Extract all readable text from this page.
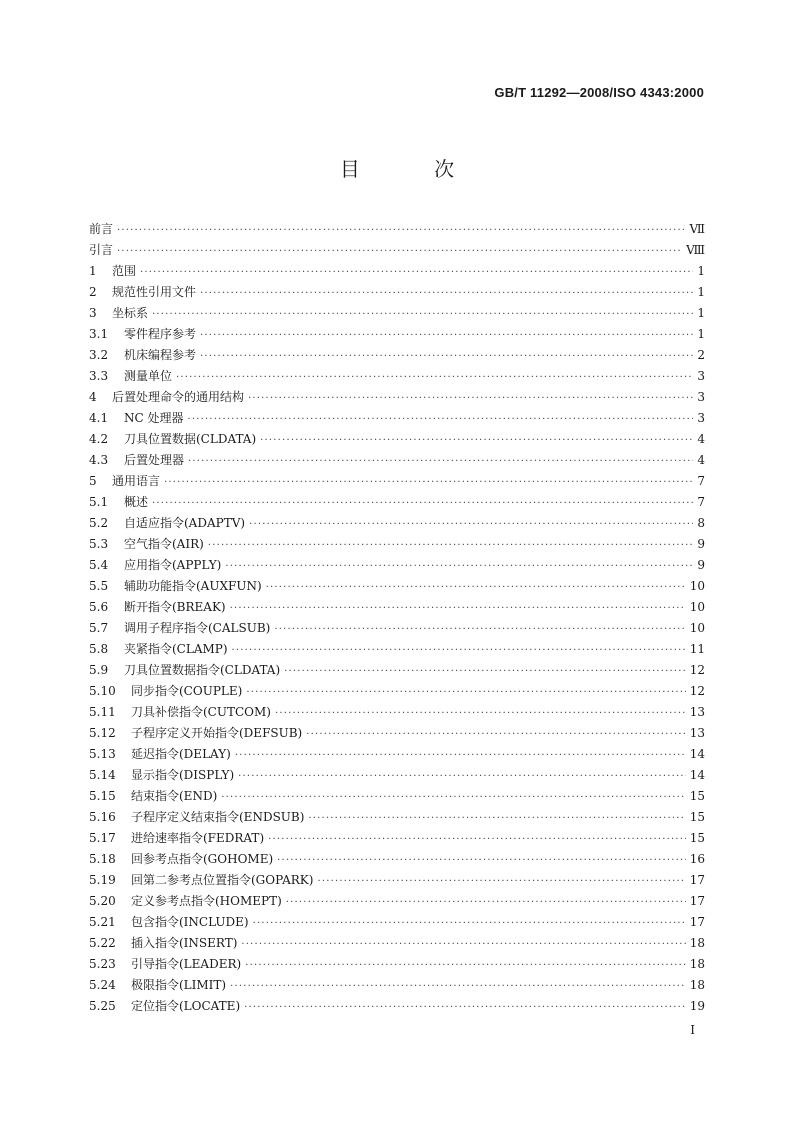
GB/T 11292—2008/ISO 4343:2000
目 次
前言 ·····	Ⅶ
引言 ·····	Ⅷ
1	范围 ·····	1
2	规范性引用文件 ·····	1
3	坐标系 ·····	1
3.1	零件程序参考 ·····	1
3.2	机床编程参考 ·····	2
3.3	测量单位 ·····	3
4	后置处理命令的通用结构 ·····	3
4.1	NC 处理器 ·····	3
4.2	刀具位置数据(CLDATA) ·····	4
4.3	后置处理器 ·····	4
5	通用语言 ·····	7
5.1	概述 ·····	7
5.2	自适应指令(ADAPTV) ·····	8
5.3	空气指令(AIR) ·····	9
5.4	应用指令(APPLY) ·····	9
5.5	辅助功能指令(AUXFUN) ·····	10
5.6	断开指令(BREAK) ·····	10
5.7	调用子程序指令(CALSUB) ·····	10
5.8	夹紧指令(CLAMP) ·····	11
5.9	刀具位置数据指令(CLDATA) ·····	12
5.10	同步指令(COUPLE) ·····	12
5.11	刀具补偿指令(CUTCOM) ·····	13
5.12	子程序定义开始指令(DEFSUB) ·····	13
5.13	延迟指令(DELAY) ·····	14
5.14	显示指令(DISPLY) ·····	14
5.15	结束指令(END) ·····	15
5.16	子程序定义结束指令(ENDSUB) ·····	15
5.17	进给速率指令(FEDRAT) ·····	15
5.18	回参考点指令(GOHOME) ·····	16
5.19	回第二参考点位置指令(GOPARK) ·····	17
5.20	定义参考点指令(HOMEPT) ·····	17
5.21	包含指令(INCLUDE) ·····	17
5.22	插入指令(INSERT) ·····	18
5.23	引导指令(LEADER) ·····	18
5.24	极限指令(LIMIT) ·····	18
5.25	定位指令(LOCATE) ·····	19
I
